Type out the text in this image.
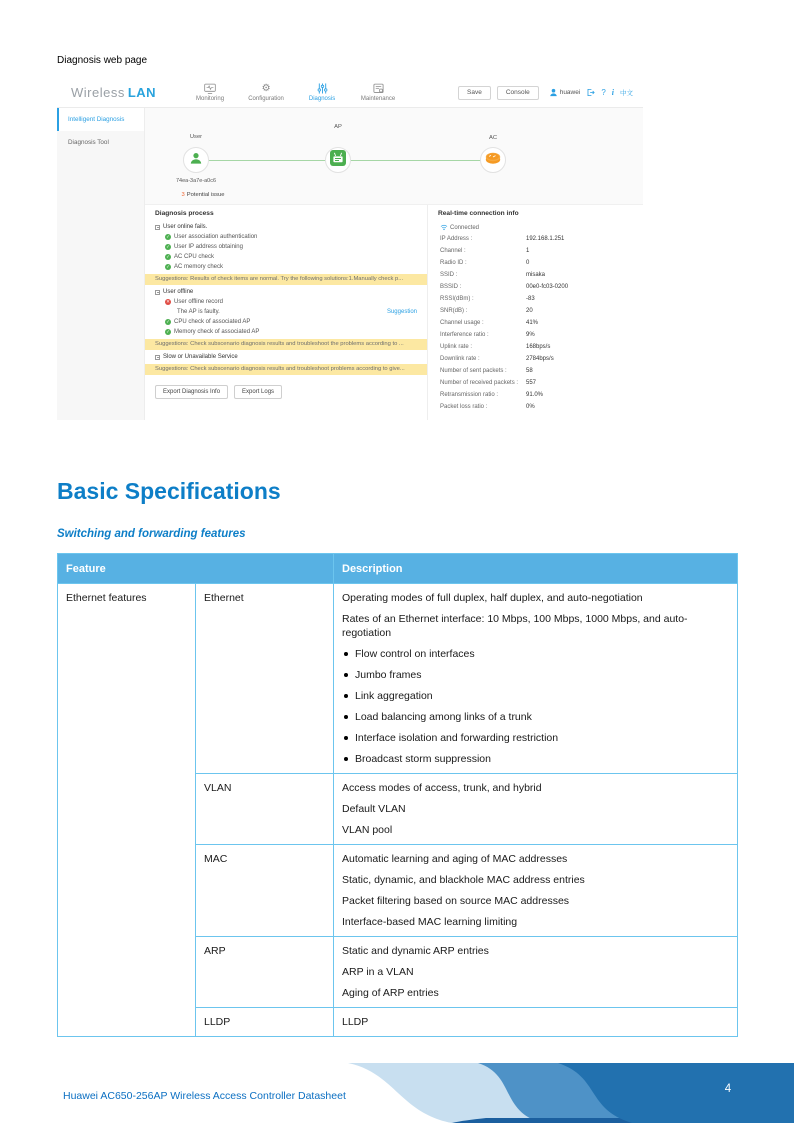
Diagnosis web page
Wireless LAN	Monitoring
⚙
Configuration	Diagnosis	Maintenance
Save	Console	huawei	? i 中文
Intelligent Diagnosis
Diagnosis Tool
User
74ea-3a7e-a0c6
3 Potential issue
AP
AC
Diagnosis process
User online fails.
✓ User association authentication
✓ User IP address obtaining
✓ AC CPU check
✓ AC memory check
Suggestions: Results of check items are normal. Try the following solutions:1.Manually check p...
User offline
✕ User offline record
The AP is faulty.	Suggestion
✓ CPU check of associated AP
✓ Memory check of associated AP
Suggestions: Check subscenario diagnosis results and troubleshoot the problems according to ...
Slow or Unavailable Service
Suggestions: Check subscenario diagnosis results and troubleshoot problems according to give...
Export Diagnosis Info	Export Logs
Real-time connection info
Connected
IP Address :	192.168.1.251
Channel :	1
Radio ID :	0
SSID :	misaka
BSSID :	00e0-fc03-0200
RSSI(dBm) :	-83
SNR(dB) :	20
Channel usage :	41%
Interference ratio :	9%
Uplink rate :	168bps/s
Downlink rate :	2784bps/s
Number of sent packets :	58
Number of received packets :	557
Retransmission ratio :	91.0%
Packet loss ratio :	0%
Basic Specifications
Switching and forwarding features
Feature		Description
Ethernet features	Ethernet	Operating modes of full duplex, half duplex, and auto-negotiation
Rates of an Ethernet interface: 10 Mbps, 100 Mbps, 1000 Mbps, and auto-regotiation
Flow control on interfaces
Jumbo frames
Link aggregation
Load balancing among links of a trunk
Interface isolation and forwarding restriction
Broadcast storm suppression

	VLAN	Access modes of access, trunk, and hybrid
Default VLAN
VLAN pool

	MAC	Automatic learning and aging of MAC addresses
Static, dynamic, and blackhole MAC address entries
Packet filtering based on source MAC addresses
Interface-based MAC learning limiting

	ARP	Static and dynamic ARP entries
ARP in a VLAN
Aging of ARP entries

	LLDP	LLDP
Huawei AC650-256AP Wireless Access Controller Datasheet
4
